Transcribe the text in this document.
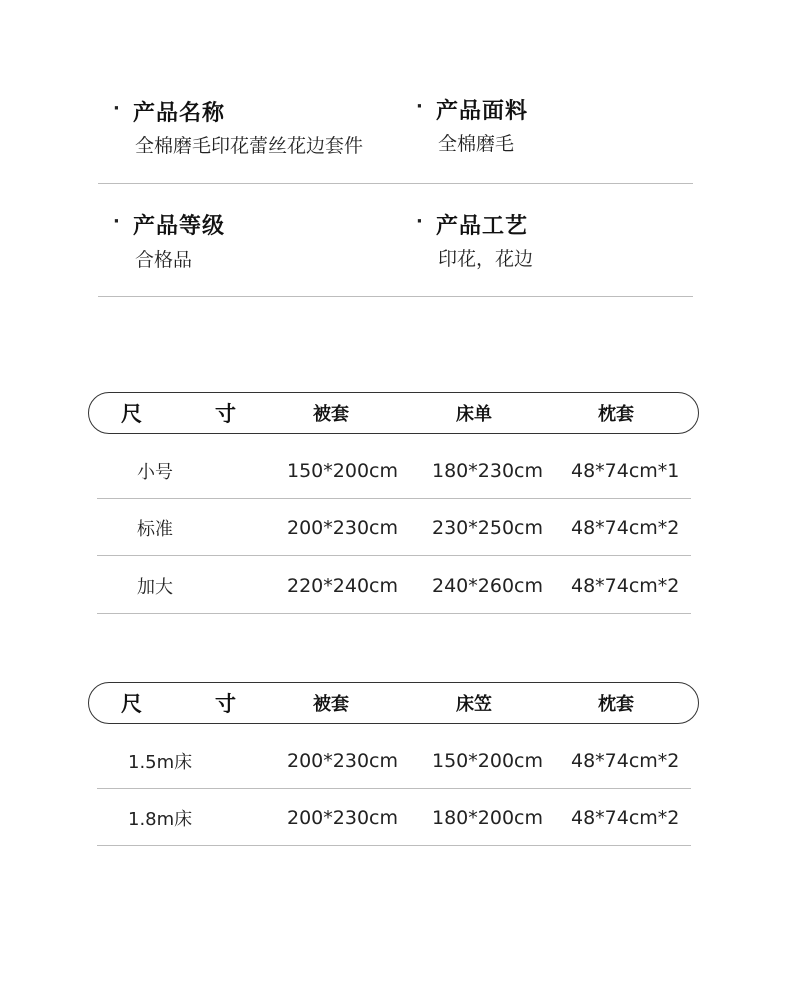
· 产品名称
全棉磨毛印花蕾丝花边套件
· 产品面料
全棉磨毛
· 产品等级
合格品
· 产品工艺
印花，花边
尺　寸	被套	床单	枕套
小号	150*200cm 180*230cm 48*74cm*1
标准	200*230cm 230*250cm 48*74cm*2
加大	220*240cm 240*260cm 48*74cm*2
尺　寸	被套	床笠	枕套
1.5m床	200*230cm 150*200cm 48*74cm*2
1.8m床	200*230cm 180*200cm 48*74cm*2
